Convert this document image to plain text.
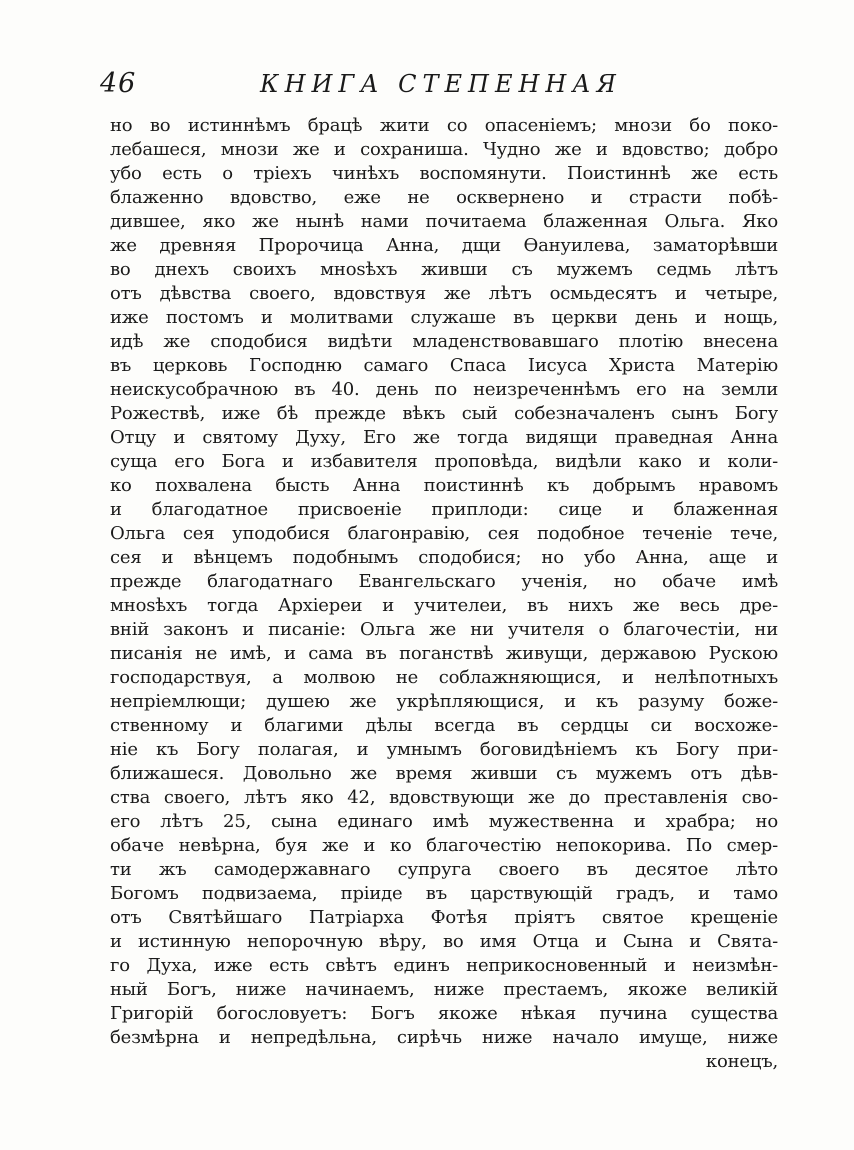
46	КНИГА СТЕПЕННАЯ
но во истиннѣмъ брацѣ жити со опасеніемъ; мнози бо поко-
лебашеся, мнози же и сохраниша. Чудно же и вдовство; добро
убо есть о тріехъ чинѣхъ воспомянути. Поистиннѣ же есть
блаженно вдовство, еже не осквернено и страсти побѣ-
дившее, яко же нынѣ нами почитаема блаженная Ольга. Яко
же древняя Пророчица Анна, дщи Ѳануилева, заматорѣвши
во днехъ своихъ мноѕѣхъ живши съ мужемъ седмь лѣтъ
отъ дѣвства своего, вдовствуя же лѣтъ осмьдесятъ и четыре,
иже постомъ и молитвами служаше въ церкви день и нощь,
идѣ же сподобися видѣти младенствовавшаго плотію внесена
въ церковь Господню самаго Спаса Іисуса Христа Матерію
неискусобрачною въ 40. день по неизреченнѣмъ его на земли
Рожествѣ, иже бѣ прежде вѣкъ сый собезначаленъ сынъ Богу
Отцу и святому Духу, Его же тогда видящи праведная Анна
суща его Бога и избавителя проповѣда, видѣли како и коли-
ко похвалена бысть Анна поистиннѣ къ добрымъ нравомъ
и благодатное присвоеніе приплоди: сице и блаженная
Ольга сея уподобися благонравію, сея подобное теченіе тече,
сея и вѣнцемъ подобнымъ сподобися; но убо Анна, аще и
прежде благодатнаго Евангельскаго ученія, но обаче имѣ
мноѕѣхъ тогда Архіереи и учителеи, въ нихъ же весь дре-
вній законъ и писаніе: Ольга же ни учителя о благочестіи, ни
писанія не имѣ, и сама въ поганствѣ живущи, державою Рускою
господарствуя, а молвою не соблажняющися, и нелѣпотныхъ
непріемлющи; душею же укрѣпляющися, и къ разуму боже-
ственному и благими дѣлы всегда въ сердцы си восхоже-
ніе къ Богу полагая, и умнымъ боговидѣніемъ къ Богу при-
ближашеся. Довольно же время живши съ мужемъ отъ дѣв-
ства своего, лѣтъ яко 42, вдовствующи же до преставленія сво-
его лѣтъ 25, сына единаго имѣ мужественна и храбра; но
обаче невѣрна, буя же и ко благочестію непокорива. По смер-
ти жъ самодержавнаго супруга своего въ десятое лѣто
Богомъ подвизаема, пріиде въ царствующій градъ, и тамо
отъ Святѣйшаго Патріарха Фотѣя пріятъ святое крещеніе
и истинную непорочную вѣру, во имя Отца и Сына и Свята-
го Духа, иже есть свѣтъ единъ неприкосновенный и неизмѣн-
ный Богъ, ниже начинаемъ, ниже престаемъ, якоже великій
Григорій богословуетъ: Богъ якоже нѣкая пучина существа
безмѣрна и непредѣльна, сирѣчь ниже начало имуще, ниже
конецъ,
